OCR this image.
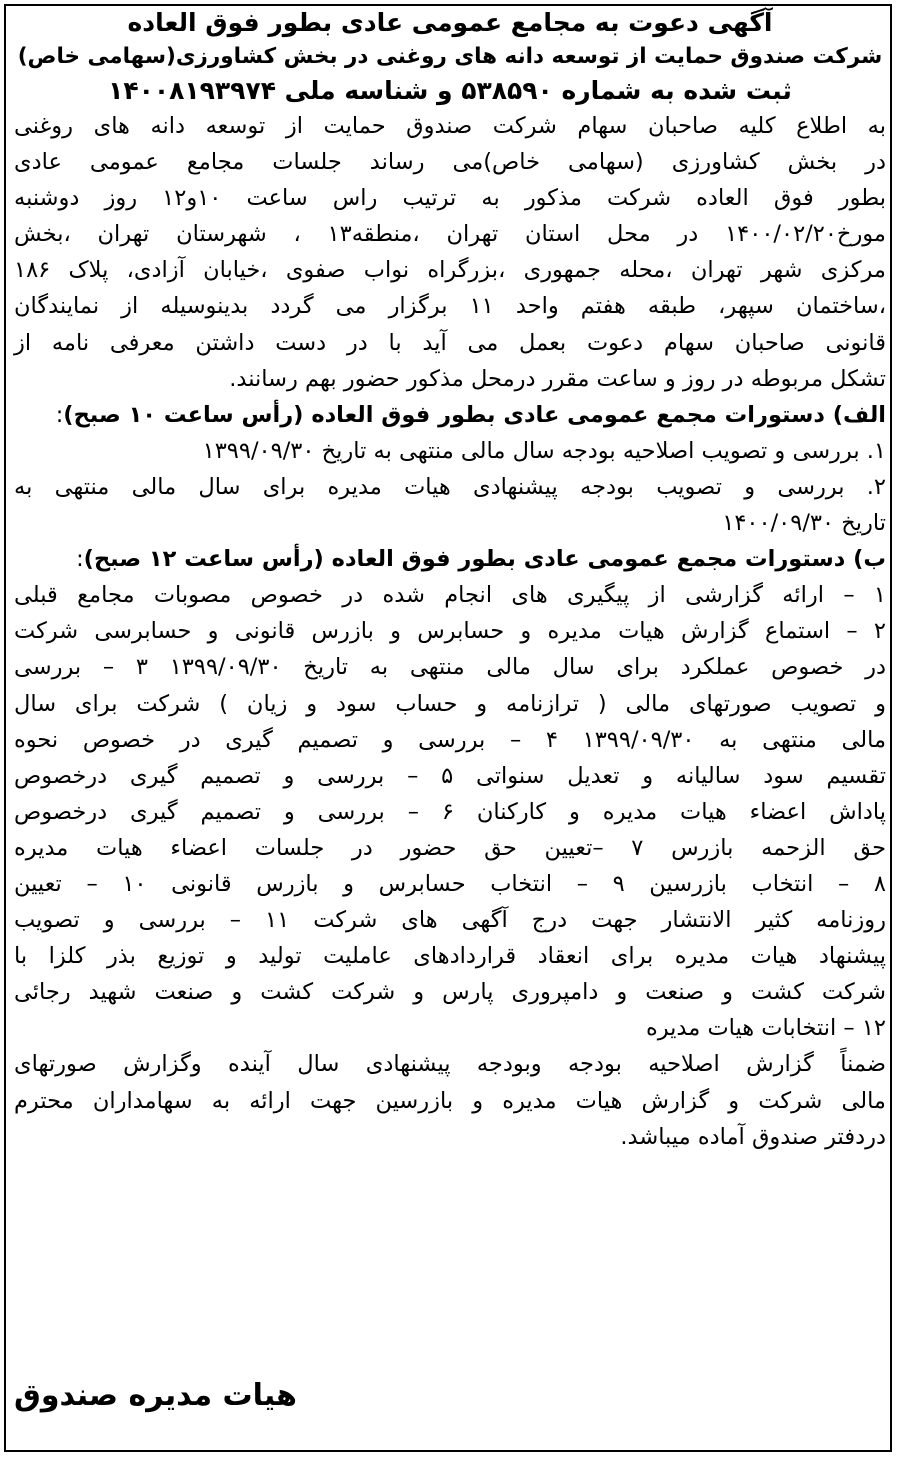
آگهی دعوت به مجامع عمومی عادی بطور فوق العاده
شرکت صندوق حمایت از توسعه دانه های روغنی در بخش کشاورزی(سهامی خاص)
ثبت شده به شماره ۵۳۸۵۹۰ و شناسه ملی ۱۴۰۰۸۱۹۳۹۷۴
به اطلاع کلیه صاحبان سهام شرکت صندوق حمایت از توسعه دانه های روغنی
در بخش کشاورزی (سهامی خاص)می رساند جلسات مجامع عمومی عادی
بطور فوق العاده شرکت مذکور به ترتیب راس ساعت ۱۰و۱۲ روز دوشنبه
مورخ۱۴۰۰/۰۲/۲۰ در محل استان تهران ،منطقه۱۳ ، شهرستان تهران ،بخش
مرکزی شهر تهران ،محله جمهوری ،بزرگراه نواب صفوی ،خیابان آزادی، پلاک ۱۸۶
،ساختمان سپهر، طبقه هفتم واحد ۱۱ برگزار می گردد بدینوسیله از نمایندگان
قانونی صاحبان سهام دعوت بعمل می آید با در دست داشتن معرفی نامه از
تشکل مربوطه در روز و ساعت مقرر درمحل مذکور حضور بهم رسانند.
الف) دستورات مجمع عمومی عادی بطور فوق العاده (رأس ساعت ۱۰ صبح):
۱. بررسی و تصویب اصلاحیه بودجه سال مالی منتهی به تاریخ ۱۳۹۹/۰۹/۳۰
۲. بررسی و تصویب بودجه پیشنهادی هیات مدیره برای سال مالی منتهی به
تاریخ ۱۴۰۰/۰۹/۳۰
ب) دستورات مجمع عمومی عادی بطور فوق العاده (رأس ساعت ۱۲ صبح):
۱ – ارائه گزارشی از پیگیری های انجام شده در خصوص مصوبات مجامع قبلی
۲ – استماع گزارش هیات مدیره و حسابرس و بازرس قانونی و حسابرسی شرکت
در خصوص عملکرد برای سال مالی منتهی به تاریخ ۱۳۹۹/۰۹/۳۰ ۳ – بررسی
و تصویب صورتهای مالی ( ترازنامه و حساب سود و زیان ) شرکت برای سال
مالی منتهی به ۱۳۹۹/۰۹/۳۰ ۴ – بررسی و تصمیم گیری در خصوص نحوه
تقسیم سود سالیانه و تعدیل سنواتی ۵ – بررسی و تصمیم گیری درخصوص
پاداش اعضاء هیات مدیره و کارکنان ۶ – بررسی و تصمیم گیری درخصوص
حق الزحمه بازرس ۷ –تعیین حق حضور در جلسات اعضاء هیات مدیره
۸ – انتخاب بازرسین ۹ – انتخاب حسابرس و بازرس قانونی ۱۰ – تعیین
روزنامه کثیر الانتشار جهت درج آگهی های شرکت ۱۱ – بررسی و تصویب
پیشنهاد هیات مدیره برای انعقاد قراردادهای عاملیت تولید و توزیع بذر کلزا با
شرکت کشت و صنعت و دامپروری پارس و شرکت کشت و صنعت شهید رجائی
۱۲ – انتخابات هیات مدیره
ضمناً گزارش اصلاحیه بودجه وبودجه پیشنهادی سال آینده وگزارش صورتهای
مالی شرکت و گزارش هیات مدیره و بازرسین جهت ارائه به سهامداران محترم
دردفتر صندوق آماده میباشد.
هیات مدیره صندوق
